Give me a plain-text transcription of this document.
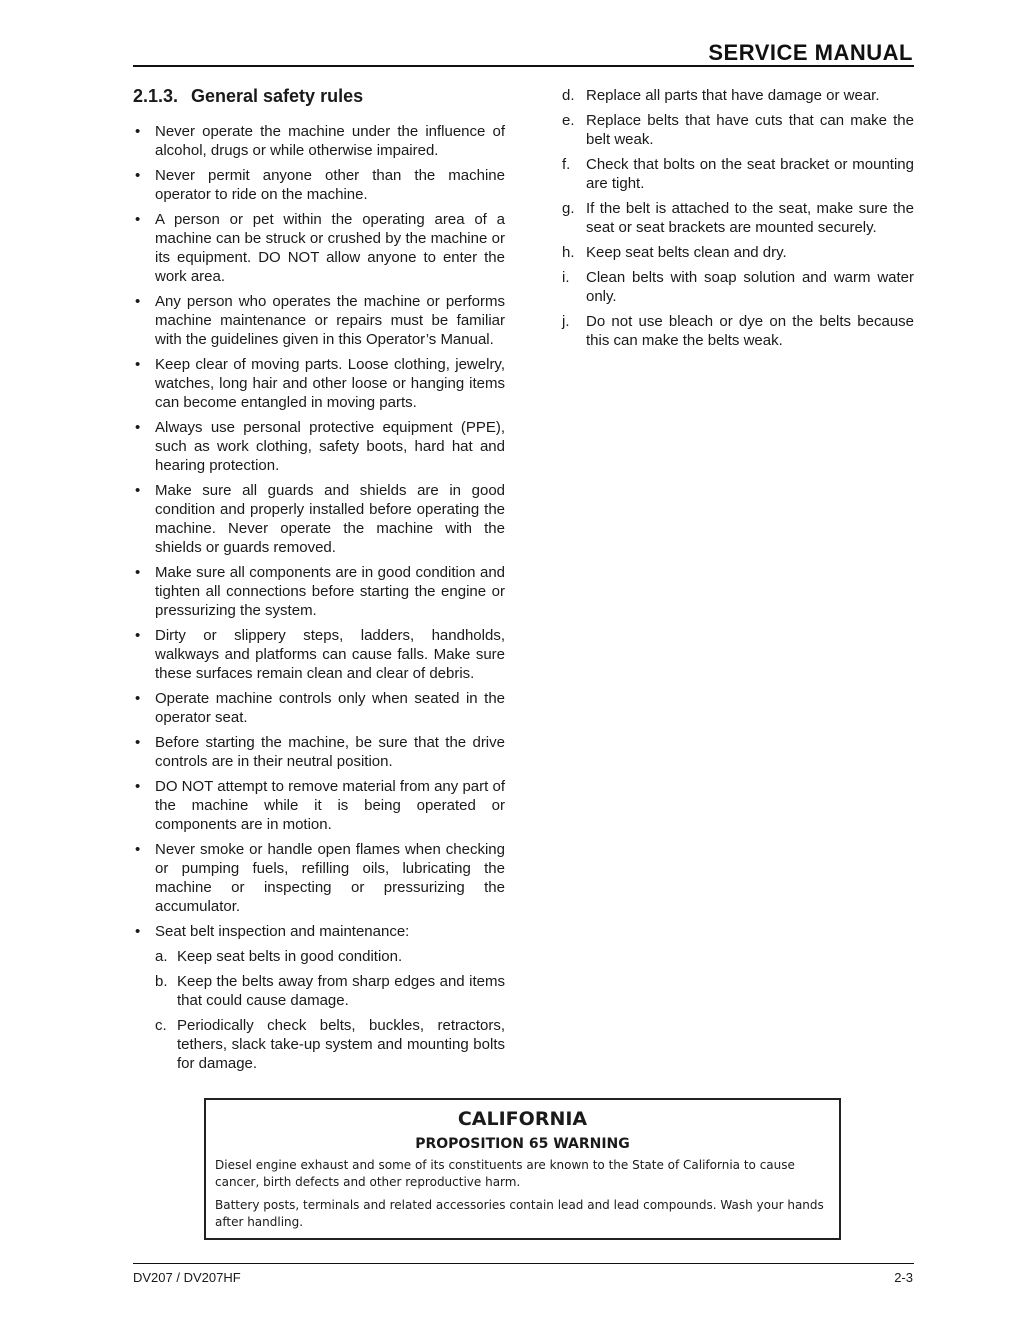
SERVICE MANUAL
2.1.3. General safety rules
• Never operate the machine under the influence of alcohol, drugs or while otherwise impaired.
• Never permit anyone other than the machine operator to ride on the machine.
• A person or pet within the operating area of a machine can be struck or crushed by the machine or its equipment. DO NOT allow anyone to enter the work area.
• Any person who operates the machine or performs machine maintenance or repairs must be familiar with the guidelines given in this Operator’s Manual.
• Keep clear of moving parts. Loose clothing, jewelry, watches, long hair and other loose or hanging items can become entangled in moving parts.
• Always use personal protective equipment (PPE), such as work clothing, safety boots, hard hat and hearing protection.
• Make sure all guards and shields are in good condition and properly installed before operating the machine. Never operate the machine with the shields or guards removed.
• Make sure all components are in good condition and tighten all connections before starting the engine or pressurizing the system.
• Dirty or slippery steps, ladders, handholds, walkways and platforms can cause falls. Make sure these surfaces remain clean and clear of debris.
• Operate machine controls only when seated in the operator seat.
• Before starting the machine, be sure that the drive controls are in their neutral position.
• DO NOT attempt to remove material from any part of the machine while it is being operated or components are in motion.
• Never smoke or handle open flames when checking or pumping fuels, refilling oils, lubricating the machine or inspecting or pressurizing the accumulator.
• Seat belt inspection and maintenance:
a. Keep seat belts in good condition.
b. Keep the belts away from sharp edges and items that could cause damage.
c. Periodically check belts, buckles, retractors, tethers, slack take-up system and mounting bolts for damage.
d. Replace all parts that have damage or wear.
e. Replace belts that have cuts that can make the belt weak.
f. Check that bolts on the seat bracket or mounting are tight.
g. If the belt is attached to the seat, make sure the seat or seat brackets are mounted securely.
h. Keep seat belts clean and dry.
i. Clean belts with soap solution and warm water only.
j. Do not use bleach or dye on the belts because this can make the belts weak.
CALIFORNIA
PROPOSITION 65 WARNING

Diesel engine exhaust and some of its constituents are known to the State of California to cause cancer, birth defects and other reproductive harm.

Battery posts, terminals and related accessories contain lead and lead compounds. Wash your hands after handling.

DV207 / DV207HF	2-3
